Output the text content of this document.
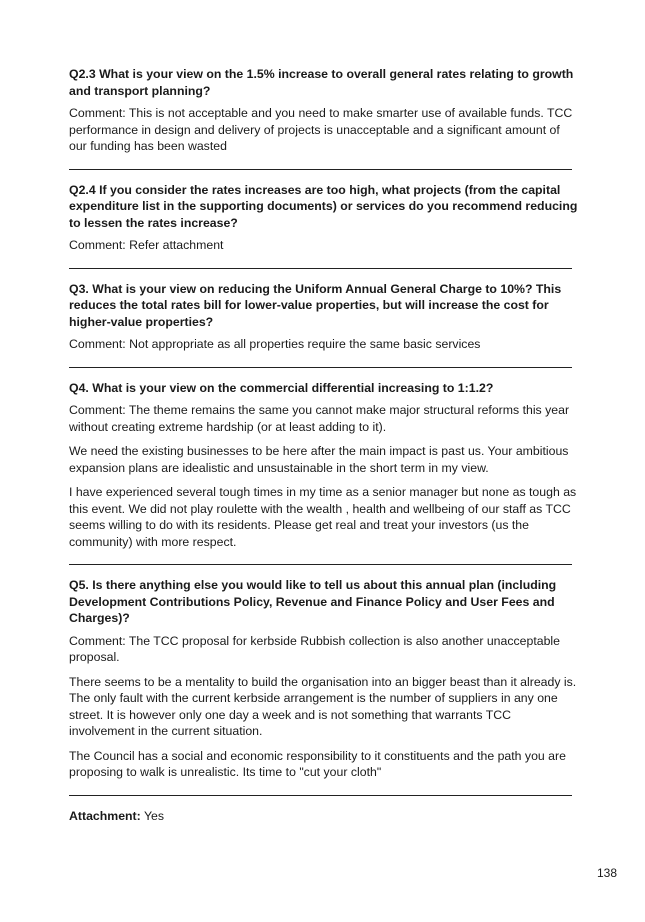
Q2.3 What is your view on the 1.5% increase to overall general rates relating to growth and transport planning?

Comment: This is not acceptable and you need to make smarter use of available funds. TCC performance in design and delivery of projects is unacceptable and a significant amount of our funding has been wasted

Q2.4 If you consider the rates increases are too high, what projects (from the capital expenditure list in the supporting documents) or services do you recommend reducing to lessen the rates increase?

Comment: Refer attachment

Q3. What is your view on reducing the Uniform Annual General Charge to 10%? This reduces the total rates bill for lower-value properties, but will increase the cost for higher-value properties?

Comment: Not appropriate as all properties require the same basic services

Q4. What is your view on the commercial differential increasing to 1:1.2?

Comment: The theme remains the same you cannot make major structural reforms this year without creating extreme hardship (or at least adding to it).

We need the existing businesses to be here after the main impact is past us. Your ambitious expansion plans are idealistic and unsustainable in the short term in my view.

I have experienced several tough times in my time as a senior manager but none as tough as this event. We did not play roulette with the wealth , health and wellbeing of our staff as TCC seems willing to do with its residents. Please get real and treat your investors (us the community) with more respect.

Q5. Is there anything else you would like to tell us about this annual plan (including Development Contributions Policy, Revenue and Finance Policy and User Fees and Charges)?

Comment: The TCC proposal for kerbside Rubbish collection is also another unacceptable proposal.

There seems to be a mentality to build the organisation into an bigger beast than it already is. The only fault with the current kerbside arrangement is the number of suppliers in any one street. It is however only one day a week and is not something that warrants TCC involvement in the current situation.

The Council has a social and economic responsibility to it constituents and the path you are proposing to walk is unrealistic. Its time to "cut your cloth"

Attachment: Yes
138
